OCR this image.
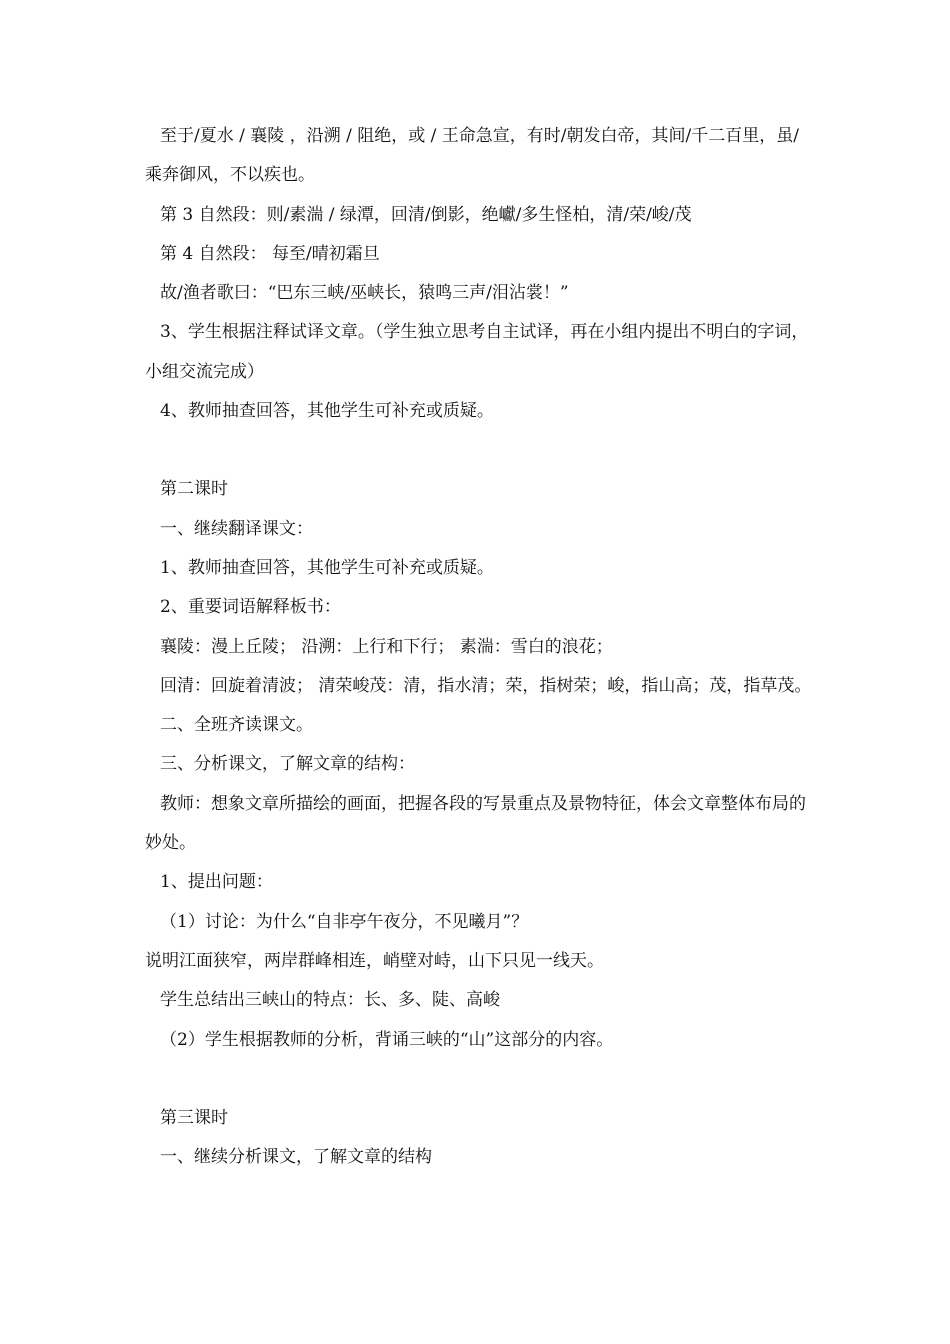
至于/夏水 / 襄陵 ，沿溯 / 阻绝，或 / 王命急宣，有时/朝发白帝，其间/千二百里，虽/乘奔御风，不以疾也。

第 3 自然段：则/素湍 / 绿潭，回清/倒影，绝巘/多生怪柏，清/荣/峻/茂

第 4 自然段： 每至/晴初霜旦

故/渔者歌曰：“巴东三峡/巫峡长，猿鸣三声/泪沾裳！”

3、学生根据注释试译文章。（学生独立思考自主试译，再在小组内提出不明白的字词，小组交流完成）

4、教师抽查回答，其他学生可补充或质疑。

第二课时

一、继续翻译课文：

1、教师抽查回答，其他学生可补充或质疑。

2、重要词语解释板书：

襄陵：漫上丘陵； 沿溯：上行和下行； 素湍：雪白的浪花；

回清：回旋着清波； 清荣峻茂：清，指水清；荣，指树荣；峻，指山高；茂，指草茂。

二、全班齐读课文。

三、分析课文，了解文章的结构：

教师：想象文章所描绘的画面，把握各段的写景重点及景物特征，体会文章整体布局的妙处。

1、提出问题：

（1）讨论：为什么“自非亭午夜分，不见曦月”？

说明江面狭窄，两岸群峰相连，峭壁对峙，山下只见一线天。

学生总结出三峡山的特点：长、多、陡、高峻

（2）学生根据教师的分析，背诵三峡的“山”这部分的内容。

第三课时

一、继续分析课文，了解文章的结构
